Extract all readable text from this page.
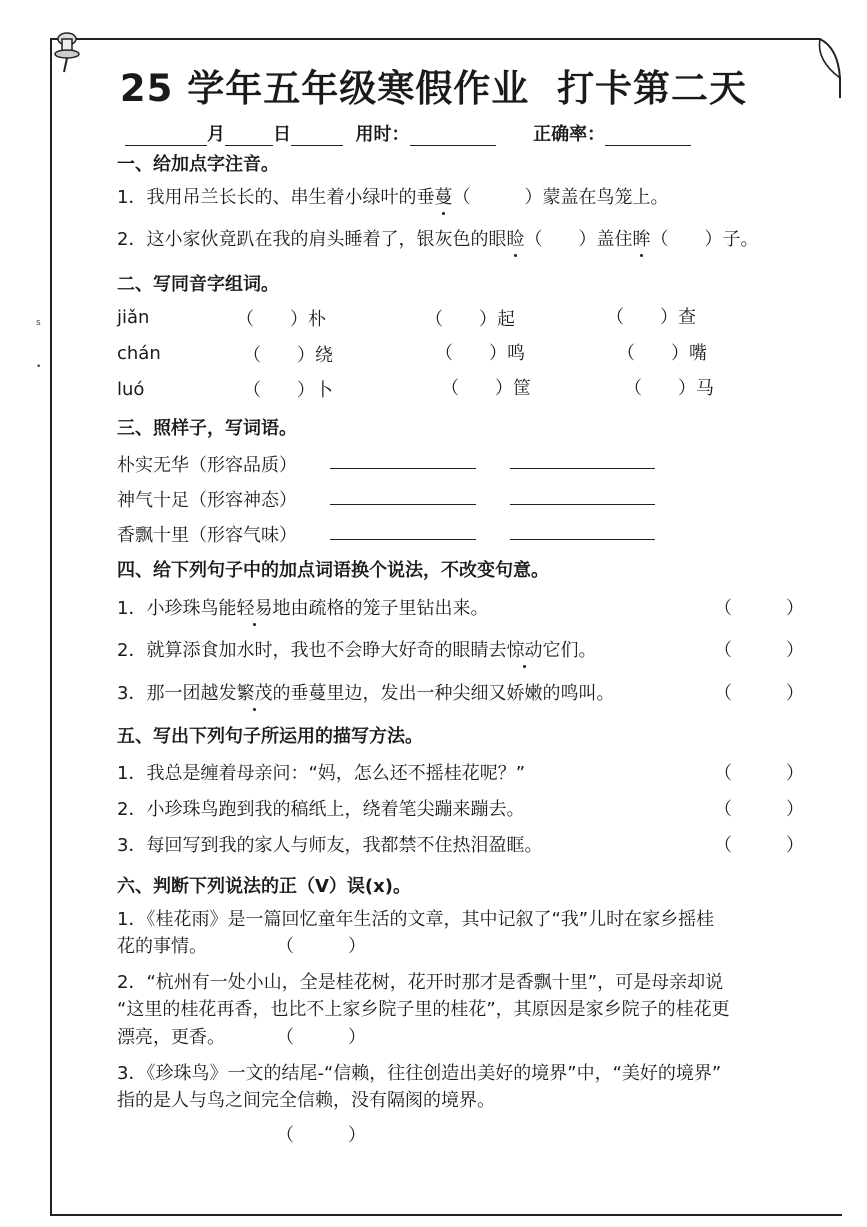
s
•
25 学年五年级寒假作业 打卡第二天
月	日	用时：	正确率：
一、给加点字注音。
1．我用吊兰长长的、串生着小绿叶的垂蔓（　　　）蒙盖在鸟笼上。
2．这小家伙竟趴在我的肩头睡着了，银灰色的眼睑（　　）盖住眸（　　）子。
二、写同音字组词。
jiǎn	（　　）朴	（　　）起	（　　）查
chán	（　　）绕	（　　）鸣	（　　）嘴
luó	（　　）卜	（　　）筐	（　　）马
三、照样子，写词语。
朴实无华（形容品质）
神气十足（形容神态）
香飘十里（形容气味）
四、给下列句子中的加点词语换个说法，不改变句意。
1．小珍珠鸟能轻易地由疏格的笼子里钻出来。	（　　　）
2．就算添食加水时，我也不会睁大好奇的眼睛去惊动它们。	（　　　）
3．那一团越发繁茂的垂蔓里边，发出一种尖细又娇嫩的鸣叫。	（　　　）
五、写出下列句子所运用的描写方法。
1．我总是缠着母亲问：“妈，怎么还不摇桂花呢？”	（　　　）
2．小珍珠鸟跑到我的稿纸上，绕着笔尖蹦来蹦去。	（　　　）
3．每回写到我的家人与师友，我都禁不住热泪盈眶。	（　　　）
六、判断下列说法的正（V）误(x)。
1．《桂花雨》是一篇回忆童年生活的文章，其中记叙了“我”儿时在家乡摇桂
花的事情。	（　　　）
2．“杭州有一处小山，全是桂花树，花开时那才是香飘十里”，可是母亲却说
“这里的桂花再香，也比不上家乡院子里的桂花”，其原因是家乡院子的桂花更
漂亮，更香。	（　　　）
3．《珍珠鸟》一文的结尾-“信赖，往往创造出美好的境界”中，“美好的境界”
指的是人与鸟之间完全信赖，没有隔阂的境界。
（　　　）
